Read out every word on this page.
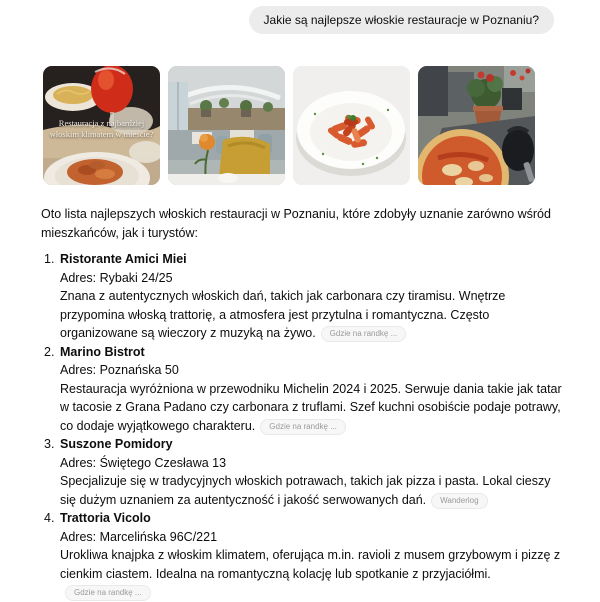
Jakie są najlepsze włoskie restauracje w Poznaniu?
Restauracja z najbardziej włoskim klimatem w mieście?

Oto lista najlepszych włoskich restauracji w Poznaniu, które zdobyły uznanie zarówno wśród mieszkańców, jak i turystów:

1. Ristorante Amici Miei
Adres: Rybaki 24/25
Znana z autentycznych włoskich dań, takich jak carbonara czy tiramisu. Wnętrze przypomina włoską trattorię, a atmosfera jest przytulna i romantyczna. Często organizowane są wieczory z muzyką na żywo. Gdzie na randkę ...
2. Marino Bistrot
Adres: Poznańska 50
Restauracja wyróżniona w przewodniku Michelin 2024 i 2025. Serwuje dania takie jak tatar w tacosie z Grana Padano czy carbonara z truflami. Szef kuchni osobiście podaje potrawy, co dodaje wyjątkowego charakteru. Gdzie na randkę ...
3. Suszone Pomidory
Adres: Świętego Czesława 13
Specjalizuje się w tradycyjnych włoskich potrawach, takich jak pizza i pasta. Lokal cieszy się dużym uznaniem za autentyczność i jakość serwowanych dań. Wanderlog
4. Trattoria Vicolo
Adres: Marcelińska 96C/221
Urokliwa knajpka z włoskim klimatem, oferująca m.in. ravioli z musem grzybowym i pizzę z cienkim ciastem. Idealna na romantyczną kolację lub spotkanie z przyjaciółmi.Gdzie na randkę ...
